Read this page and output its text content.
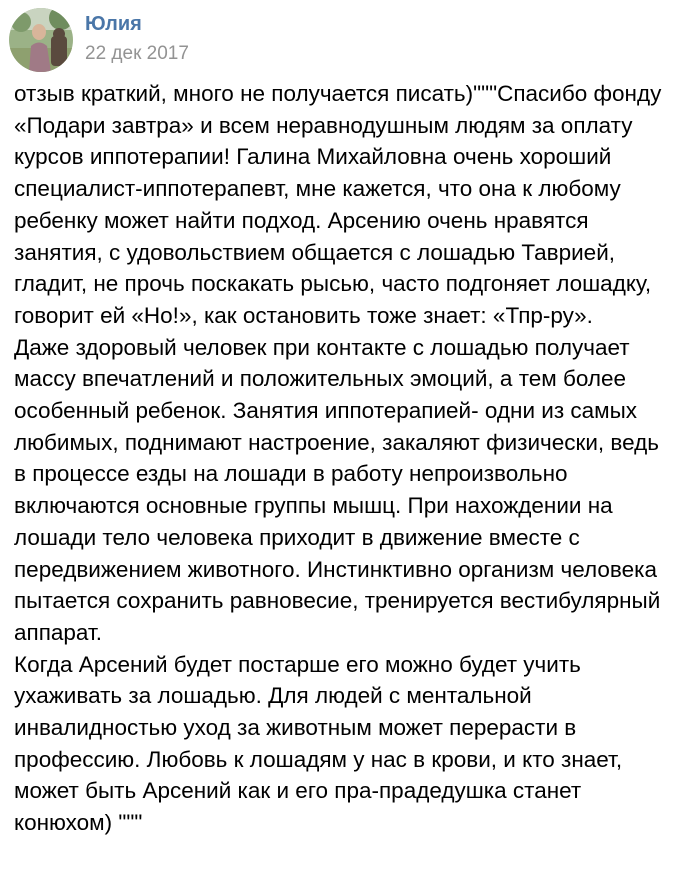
Юлия
22 дек 2017

отзыв краткий, много не получается писать)"""Спасибо фонду «Подари завтра» и всем неравнодушным людям за оплату курсов иппотерапии! Галина Михайловна очень хороший специалист-иппотерапевт, мне кажется, что она к любому ребенку может найти подход. Арсению очень нравятся занятия, с удовольствием общается с лошадью Таврией, гладит, не прочь поскакать рысью, часто подгоняет лошадку, говорит ей «Но!», как остановить тоже знает: «Тпр-ру».

Даже здоровый человек при контакте с лошадью получает массу впечатлений и положительных эмоций, а тем более особенный ребенок. Занятия иппотерапией- одни из самых любимых, поднимают настроение, закаляют физически, ведь в процессе езды на лошади в работу непроизвольно включаются основные группы мышц. При нахождении на лошади тело человека приходит в движение вместе с передвижением животного. Инстинктивно организм человека пытается сохранить равновесие, тренируется вестибулярный аппарат.

Когда Арсений будет постарше его можно будет учить ухаживать за лошадью. Для людей с ментальной инвалидностью уход за животным может перерасти в профессию. Любовь к лошадям у нас в крови, и кто знает, может быть Арсений как и его пра-прадедушка станет конюхом) """
